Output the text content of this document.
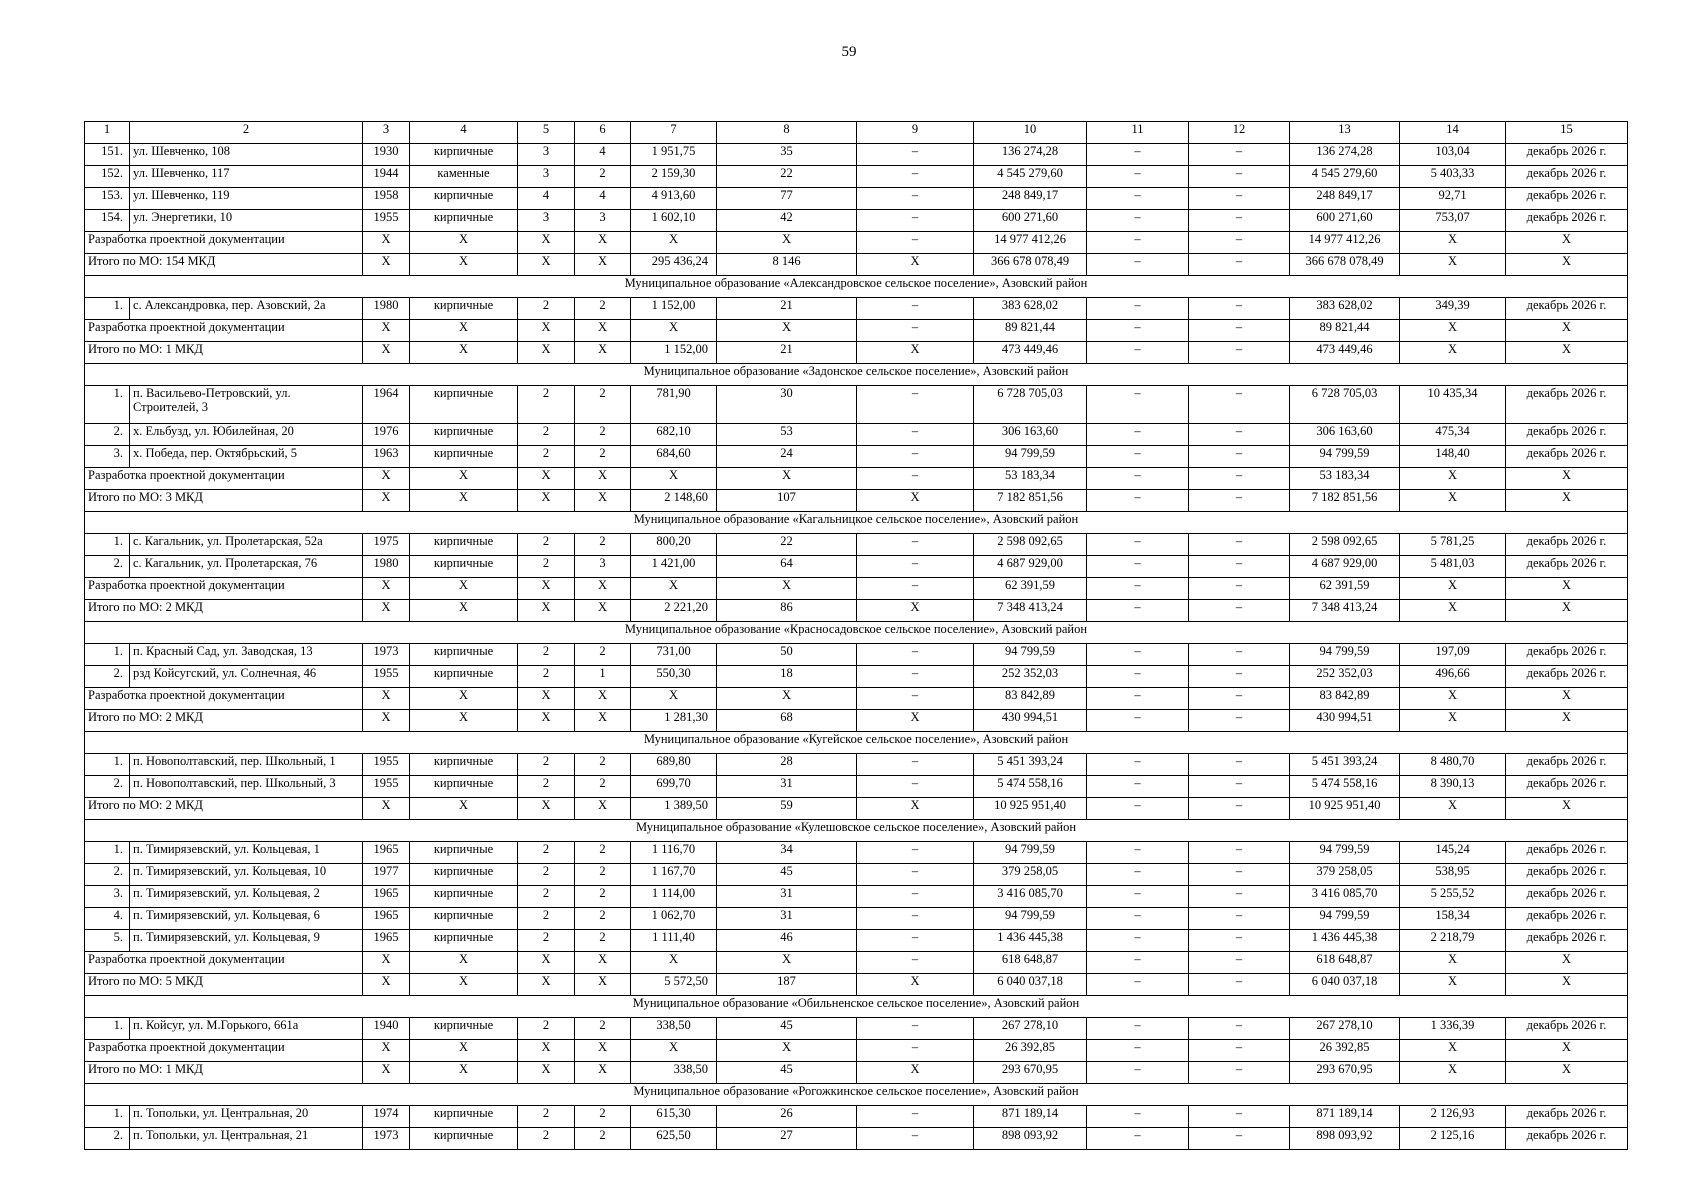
59
1	2	3	4	5	6	7	8	9	10	11	12	13	14	15
151.	ул. Шевченко, 108	1930	кирпичные	3	4	1 951,75	35	–	136 274,28	–	–	136 274,28	103,04	декабрь 2026 г.
152.	ул. Шевченко, 117	1944	каменные	3	2	2 159,30	22	–	4 545 279,60	–	–	4 545 279,60	5 403,33	декабрь 2026 г.
153.	ул. Шевченко, 119	1958	кирпичные	4	4	4 913,60	77	–	248 849,17	–	–	248 849,17	92,71	декабрь 2026 г.
154.	ул. Энергетики, 10	1955	кирпичные	3	3	1 602,10	42	–	600 271,60	–	–	600 271,60	753,07	декабрь 2026 г.
Разработка проектной документации		X	X	X	X	X	X	–	14 977 412,26	–	–	14 977 412,26	X	X
Итого по МО: 154 МКД		X	X	X	X	295 436,24	8 146	X	366 678 078,49	–	–	366 678 078,49	X	X
Муниципальное образование «Александровское сельское поселение», Азовский район														
1.	с. Александровка, пер. Азовский, 2а	1980	кирпичные	2	2	1 152,00	21	–	383 628,02	–	–	383 628,02	349,39	декабрь 2026 г.
Разработка проектной документации		X	X	X	X	X	X	–	89 821,44	–	–	89 821,44	X	X
Итого по МО: 1 МКД		X	X	X	X	1 152,00	21	X	473 449,46	–	–	473 449,46	X	X
Муниципальное образование «Задонское сельское поселение», Азовский район														
1.	п. Васильево-Петровский, ул. Строителей, 3	1964	кирпичные	2	2	781,90	30	–	6 728 705,03	–	–	6 728 705,03	10 435,34	декабрь 2026 г.
2.	х. Ельбузд, ул. Юбилейная, 20	1976	кирпичные	2	2	682,10	53	–	306 163,60	–	–	306 163,60	475,34	декабрь 2026 г.
3.	х. Победа, пер. Октябрьский, 5	1963	кирпичные	2	2	684,60	24	–	94 799,59	–	–	94 799,59	148,40	декабрь 2026 г.
Разработка проектной документации		X	X	X	X	X	X	–	53 183,34	–	–	53 183,34	X	X
Итого по МО: 3 МКД		X	X	X	X	2 148,60	107	X	7 182 851,56	–	–	7 182 851,56	X	X
Муниципальное образование «Кагальницкое сельское поселение», Азовский район														
1.	с. Кагальник, ул. Пролетарская, 52а	1975	кирпичные	2	2	800,20	22	–	2 598 092,65	–	–	2 598 092,65	5 781,25	декабрь 2026 г.
2.	с. Кагальник, ул. Пролетарская, 76	1980	кирпичные	2	3	1 421,00	64	–	4 687 929,00	–	–	4 687 929,00	5 481,03	декабрь 2026 г.
Разработка проектной документации		X	X	X	X	X	X	–	62 391,59	–	–	62 391,59	X	X
Итого по МО: 2 МКД		X	X	X	X	2 221,20	86	X	7 348 413,24	–	–	7 348 413,24	X	X
Муниципальное образование «Красносадовское сельское поселение», Азовский район														
1.	п. Красный Сад, ул. Заводская, 13	1973	кирпичные	2	2	731,00	50	–	94 799,59	–	–	94 799,59	197,09	декабрь 2026 г.
2.	рзд Койсугский, ул. Солнечная, 46	1955	кирпичные	2	1	550,30	18	–	252 352,03	–	–	252 352,03	496,66	декабрь 2026 г.
Разработка проектной документации		X	X	X	X	X	X	–	83 842,89	–	–	83 842,89	X	X
Итого по МО: 2 МКД		X	X	X	X	1 281,30	68	X	430 994,51	–	–	430 994,51	X	X
Муниципальное образование «Кугейское сельское поселение», Азовский район														
1.	п. Новополтавский, пер. Школьный, 1	1955	кирпичные	2	2	689,80	28	–	5 451 393,24	–	–	5 451 393,24	8 480,70	декабрь 2026 г.
2.	п. Новополтавский, пер. Школьный, 3	1955	кирпичные	2	2	699,70	31	–	5 474 558,16	–	–	5 474 558,16	8 390,13	декабрь 2026 г.
Итого по МО: 2 МКД		X	X	X	X	1 389,50	59	X	10 925 951,40	–	–	10 925 951,40	X	X
Муниципальное образование «Кулешовское сельское поселение», Азовский район														
1.	п. Тимирязевский, ул. Кольцевая, 1	1965	кирпичные	2	2	1 116,70	34	–	94 799,59	–	–	94 799,59	145,24	декабрь 2026 г.
2.	п. Тимирязевский, ул. Кольцевая, 10	1977	кирпичные	2	2	1 167,70	45	–	379 258,05	–	–	379 258,05	538,95	декабрь 2026 г.
3.	п. Тимирязевский, ул. Кольцевая, 2	1965	кирпичные	2	2	1 114,00	31	–	3 416 085,70	–	–	3 416 085,70	5 255,52	декабрь 2026 г.
4.	п. Тимирязевский, ул. Кольцевая, 6	1965	кирпичные	2	2	1 062,70	31	–	94 799,59	–	–	94 799,59	158,34	декабрь 2026 г.
5.	п. Тимирязевский, ул. Кольцевая, 9	1965	кирпичные	2	2	1 111,40	46	–	1 436 445,38	–	–	1 436 445,38	2 218,79	декабрь 2026 г.
Разработка проектной документации		X	X	X	X	X	X	–	618 648,87	–	–	618 648,87	X	X
Итого по МО: 5 МКД		X	X	X	X	5 572,50	187	X	6 040 037,18	–	–	6 040 037,18	X	X
Муниципальное образование «Обильненское сельское поселение», Азовский район														
1.	п. Койсуг, ул. М.Горького, 661а	1940	кирпичные	2	2	338,50	45	–	267 278,10	–	–	267 278,10	1 336,39	декабрь 2026 г.
Разработка проектной документации		X	X	X	X	X	X	–	26 392,85	–	–	26 392,85	X	X
Итого по МО: 1 МКД		X	X	X	X	338,50	45	X	293 670,95	–	–	293 670,95	X	X
Муниципальное образование «Рогожкинское сельское поселение», Азовский район														
1.	п. Топольки, ул. Центральная, 20	1974	кирпичные	2	2	615,30	26	–	871 189,14	–	–	871 189,14	2 126,93	декабрь 2026 г.
2.	п. Топольки, ул. Центральная, 21	1973	кирпичные	2	2	625,50	27	–	898 093,92	–	–	898 093,92	2 125,16	декабрь 2026 г.
